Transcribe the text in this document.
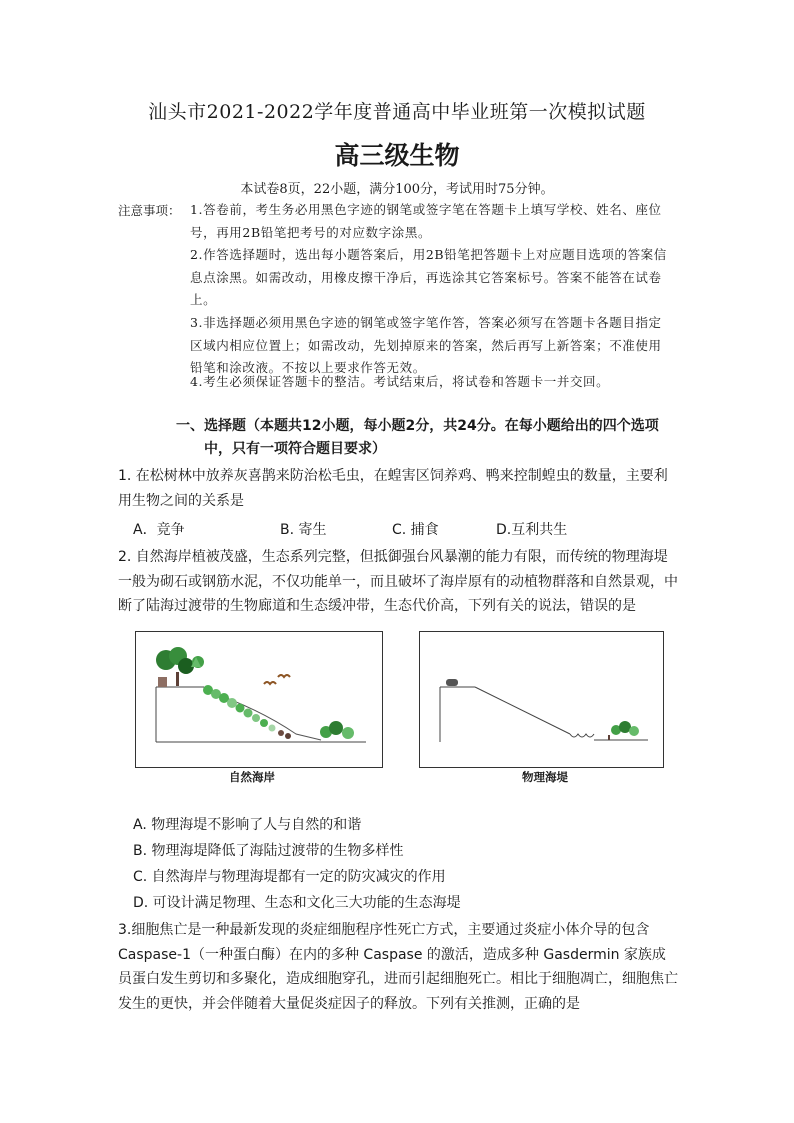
汕头市2021-2022学年度普通高中毕业班第一次模拟试题
高三级生物
本试卷8页，22小题，满分100分，考试用时75分钟。
注意事项： 1.答卷前，考生务必用黑色字迹的钢笔或签字笔在答题卡上填写学校、姓名、座位号，再用2B铅笔把考号的对应数字涂黑。
2.作答选择题时，选出每小题答案后，用2B铅笔把答题卡上对应题目选项的答案信息点涂黑。如需改动，用橡皮擦干净后，再选涂其它答案标号。答案不能答在试卷上。
3.非选择题必须用黑色字迹的钢笔或签字笔作答，答案必须写在答题卡各题目指定区域内相应位置上；如需改动，先划掉原来的答案，然后再写上新答案；不准使用铅笔和涂改液。不按以上要求作答无效。
4.考生必须保证答题卡的整洁。考试结束后，将试卷和答题卡一并交回。
一、选择题（本题共12小题，每小题2分，共24分。在每小题给出的四个选项
中，只有一项符合题目要求）
1. 在松树林中放养灰喜鹊来防治松毛虫，在蝗害区饲养鸡、鸭来控制蝗虫的数量，主要利用生物之间的关系是
A．竞争	B. 寄生	C. 捕食	D.互利共生
2. 自然海岸植被茂盛，生态系列完整，但抵御强台风暴潮的能力有限，而传统的物理海堤一般为砌石或钢筋水泥，不仅功能单一，而且破坏了海岸原有的动植物群落和自然景观，中断了陆海过渡带的生物廊道和生态缓冲带，生态代价高，下列有关的说法，错误的是
自然海岸	物理海堤
A. 物理海堤不影响了人与自然的和谐
B. 物理海堤降低了海陆过渡带的生物多样性
C. 自然海岸与物理海堤都有一定的防灾减灾的作用
D. 可设计满足物理、生态和文化三大功能的生态海堤
3.细胞焦亡是一种最新发现的炎症细胞程序性死亡方式，主要通过炎症小体介导的包含Caspase-1（一种蛋白酶）在内的多种 Caspase 的激活，造成多种 Gasdermin 家族成员蛋白发生剪切和多聚化，造成细胞穿孔，进而引起细胞死亡。相比于细胞凋亡，细胞焦亡发生的更快，并会伴随着大量促炎症因子的释放。下列有关推测，正确的是
